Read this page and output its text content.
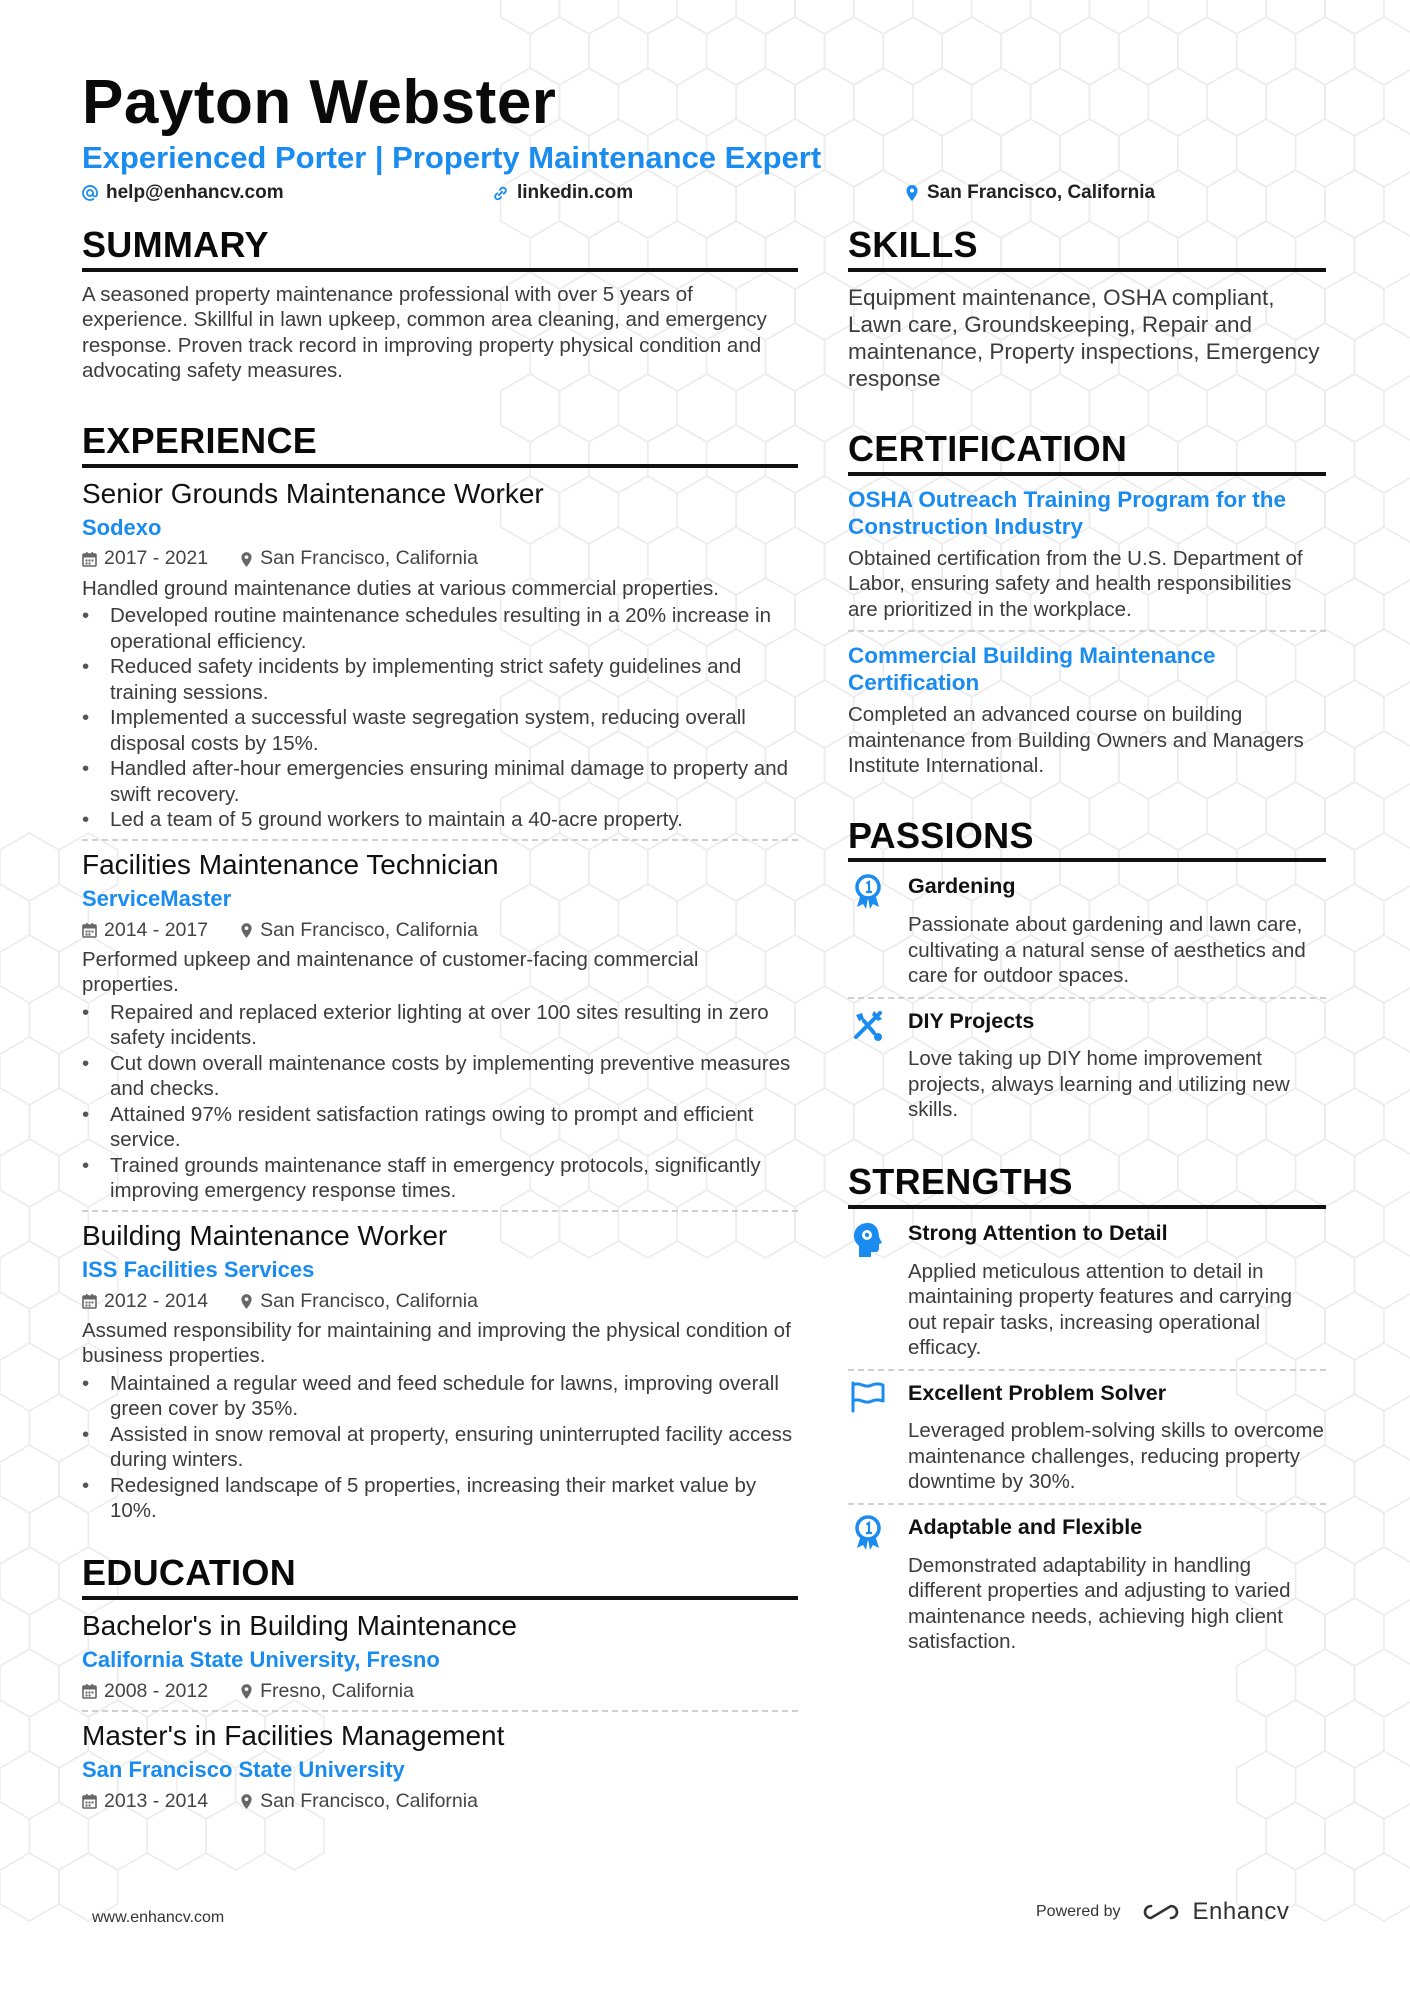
Payton Webster
Experienced Porter | Property Maintenance Expert
help@enhancv.com	linkedin.com	San Francisco, California
SUMMARY
A seasoned property maintenance professional with over 5 years of experience. Skillful in lawn upkeep, common area cleaning, and emergency response. Proven track record in improving property physical condition and advocating safety measures.
EXPERIENCE
Senior Grounds Maintenance Worker
Sodexo
2017 - 2021	San Francisco, California
Handled ground maintenance duties at various commercial properties.
• Developed routine maintenance schedules resulting in a 20% increase in operational efficiency.
• Reduced safety incidents by implementing strict safety guidelines and training sessions.
• Implemented a successful waste segregation system, reducing overall disposal costs by 15%.
• Handled after-hour emergencies ensuring minimal damage to property and swift recovery.
• Led a team of 5 ground workers to maintain a 40-acre property.
Facilities Maintenance Technician
ServiceMaster
2014 - 2017	San Francisco, California
Performed upkeep and maintenance of customer-facing commercial properties.
• Repaired and replaced exterior lighting at over 100 sites resulting in zero safety incidents.
• Cut down overall maintenance costs by implementing preventive measures and checks.
• Attained 97% resident satisfaction ratings owing to prompt and efficient service.
• Trained grounds maintenance staff in emergency protocols, significantly improving emergency response times.
Building Maintenance Worker
ISS Facilities Services
2012 - 2014	San Francisco, California
Assumed responsibility for maintaining and improving the physical condition of business properties.
• Maintained a regular weed and feed schedule for lawns, improving overall green cover by 35%.
• Assisted in snow removal at property, ensuring uninterrupted facility access during winters.
• Redesigned landscape of 5 properties, increasing their market value by 10%.
EDUCATION
Bachelor's in Building Maintenance
California State University, Fresno
2008 - 2012	Fresno, California
Master's in Facilities Management
San Francisco State University
2013 - 2014	San Francisco, California
SKILLS
Equipment maintenance, OSHA compliant, Lawn care, Groundskeeping, Repair and maintenance, Property inspections, Emergency response
CERTIFICATION
OSHA Outreach Training Program for the Construction Industry
Obtained certification from the U.S. Department of Labor, ensuring safety and health responsibilities are prioritized in the workplace.
Commercial Building Maintenance Certification
Completed an advanced course on building maintenance from Building Owners and Managers Institute International.
PASSIONS
Gardening
Passionate about gardening and lawn care, cultivating a natural sense of aesthetics and care for outdoor spaces.
DIY Projects
Love taking up DIY home improvement projects, always learning and utilizing new skills.
STRENGTHS
Strong Attention to Detail
Applied meticulous attention to detail in maintaining property features and carrying out repair tasks, increasing operational efficacy.
Excellent Problem Solver
Leveraged problem-solving skills to overcome maintenance challenges, reducing property downtime by 30%.
Adaptable and Flexible
Demonstrated adaptability in handling different properties and adjusting to varied maintenance needs, achieving high client satisfaction.
www.enhancv.com	Powered by	Enhancv
